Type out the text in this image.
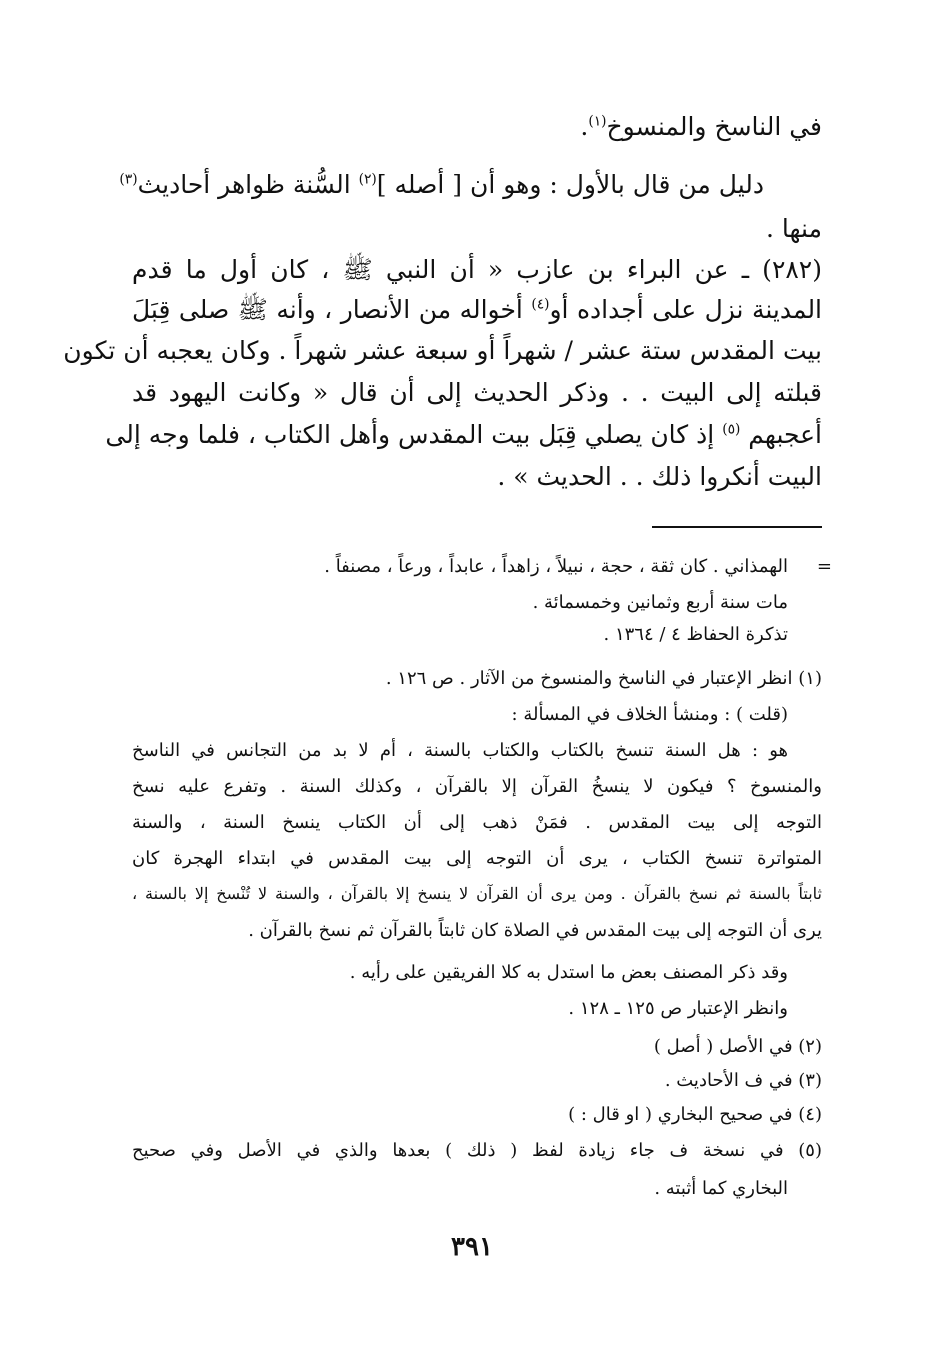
في الناسخ والمنسوخ$^{(١)}$.
دليل من قال بالأول : وهو أن [ أصله ]$^{(٢)}$ السُّنة ظواهر أحاديث$^{(٣)}$
منها .
(٢٨٢) ـ عن البراء بن عازب « أن النبي ﷺ ، كان أول ما قدم
المدينة نزل على أجداده أو$^{(٤)}$ أخواله من الأنصار ، وأنه ﷺ صلى قِبَلَ
بيت المقدس ستة عشر / شهراً أو سبعة عشر شهراً . وكان يعجبه أن تكون
قبلته إلى البيت . . وذكر الحديث إلى أن قال « وكانت اليهود قد
أعجبهم $^{(٥)}$ إذ كان يصلي قِبَل بيت المقدس وأهل الكتاب ، فلما وجه إلى
البيت أنكروا ذلك . . الحديث » .
=
الهمذاني . كان ثقة ، حجة ، نبيلاً ، زاهداً ، عابداً ، ورعاً ، مصنفاً .
مات سنة أربع وثمانين وخمسمائة .
تذكرة الحفاظ ٤ / ١٣٦٤ .
(١) انظر الإعتبار في الناسخ والمنسوخ من الآثار . ص ١٢٦ .
(قلت ) : ومنشأ الخلاف في المسألة :
هو : هل السنة تنسخ بالكتاب والكتاب بالسنة ، أم لا بد من التجانس في الناسخ
والمنسوخ ؟ فيكون لا ينسخُ القرآن إلا بالقرآن ، وكذلك السنة . وتفرع عليه نسخ
التوجه إلى بيت المقدس . فمَنْ ذهب إلى أن الكتاب ينسخ السنة ، والسنة
المتواترة تنسخ الكتاب ، يرى أن التوجه إلى بيت المقدس في ابتداء الهجرة كان
ثابتاً بالسنة ثم نسخ بالقرآن . ومن يرى أن القرآن لا ينسخ إلا بالقرآن ، والسنة لا تُنْسخ إلا بالسنة ،
يرى أن التوجه إلى بيت المقدس في الصلاة كان ثابتاً بالقرآن ثم نسخ بالقرآن .
وقد ذكر المصنف بعض ما استدل به كلا الفريقين على رأيه .
وانظر الإعتبار ص ١٢٥ ـ ١٢٨ .
(٢) في الأصل ( أصل )
(٣) في ف الأحاديث .
(٤) في صحيح البخاري ( او قال : )
(٥) في نسخة ف جاء زيادة لفظ ( ذلك ) بعدها والذي في الأصل وفي صحيح
البخاري كما أثبته .
٣٩١
